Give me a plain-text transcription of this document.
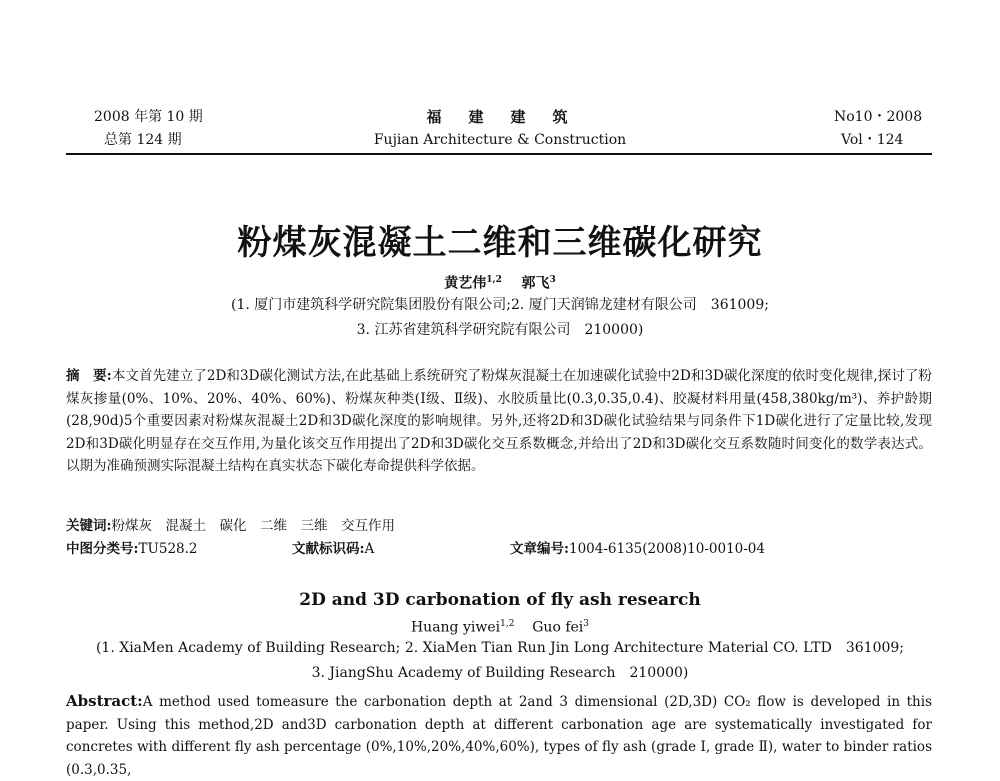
2008 年第 10 期
总第 124 期
福　建　建　筑
Fujian Architecture & Construction
No10・2008
Vol・124
粉煤灰混凝土二维和三维碳化研究
黄艺伟$^{1,2}$ 郭飞$^3$
(1. 厦门市建筑科学研究院集团股份有限公司;2. 厦门天润锦龙建材有限公司　361009;
3. 江苏省建筑科学研究院有限公司　210000)

摘　要:本文首先建立了2D和3D碳化测试方法,在此基础上系统研究了粉煤灰混凝土在加速碳化试验中2D和3D碳化深度的依时变化规律,探讨了粉煤灰掺量(0%、10%、20%、40%、60%)、粉煤灰种类(Ⅰ级、Ⅱ级)、水胶质量比(0.3,0.35,0.4)、胶凝材料用量(458,380kg/m³)、养护龄期(28,90d)5个重要因素对粉煤灰混凝土2D和3D碳化深度的影响规律。另外,还将2D和3D碳化试验结果与同条件下1D碳化进行了定量比较,发现2D和3D碳化明显存在交互作用,为量化该交互作用提出了2D和3D碳化交互系数概念,并给出了2D和3D碳化交互系数随时间变化的数学表达式。以期为准确预测实际混凝土结构在真实状态下碳化寿命提供科学依据。

关键词:粉煤灰　混凝土　碳化　二维　三维　交互作用
中图分类号:TU528.2	文献标识码:A	文章编号:1004-6135(2008)10-0010-04
2D and 3D carbonation of fly ash research
Huang yiwei$^{1,2}$ Guo fei$^3$
(1. XiaMen Academy of Building Research; 2. XiaMen Tian Run Jin Long Architecture Material CO. LTD　361009;
3. JiangShu Academy of Building Research　210000)

Abstract:A method used tomeasure the carbonation depth at 2and 3 dimensional (2D,3D) CO₂ flow is developed in this paper. Using this method,2D and3D carbonation depth at different carbonation age are systematically investigated for concretes with different fly ash percentage (0%,10%,20%,40%,60%), types of fly ash (grade Ⅰ, grade Ⅱ), water to binder ratios (0.3,0.35,
